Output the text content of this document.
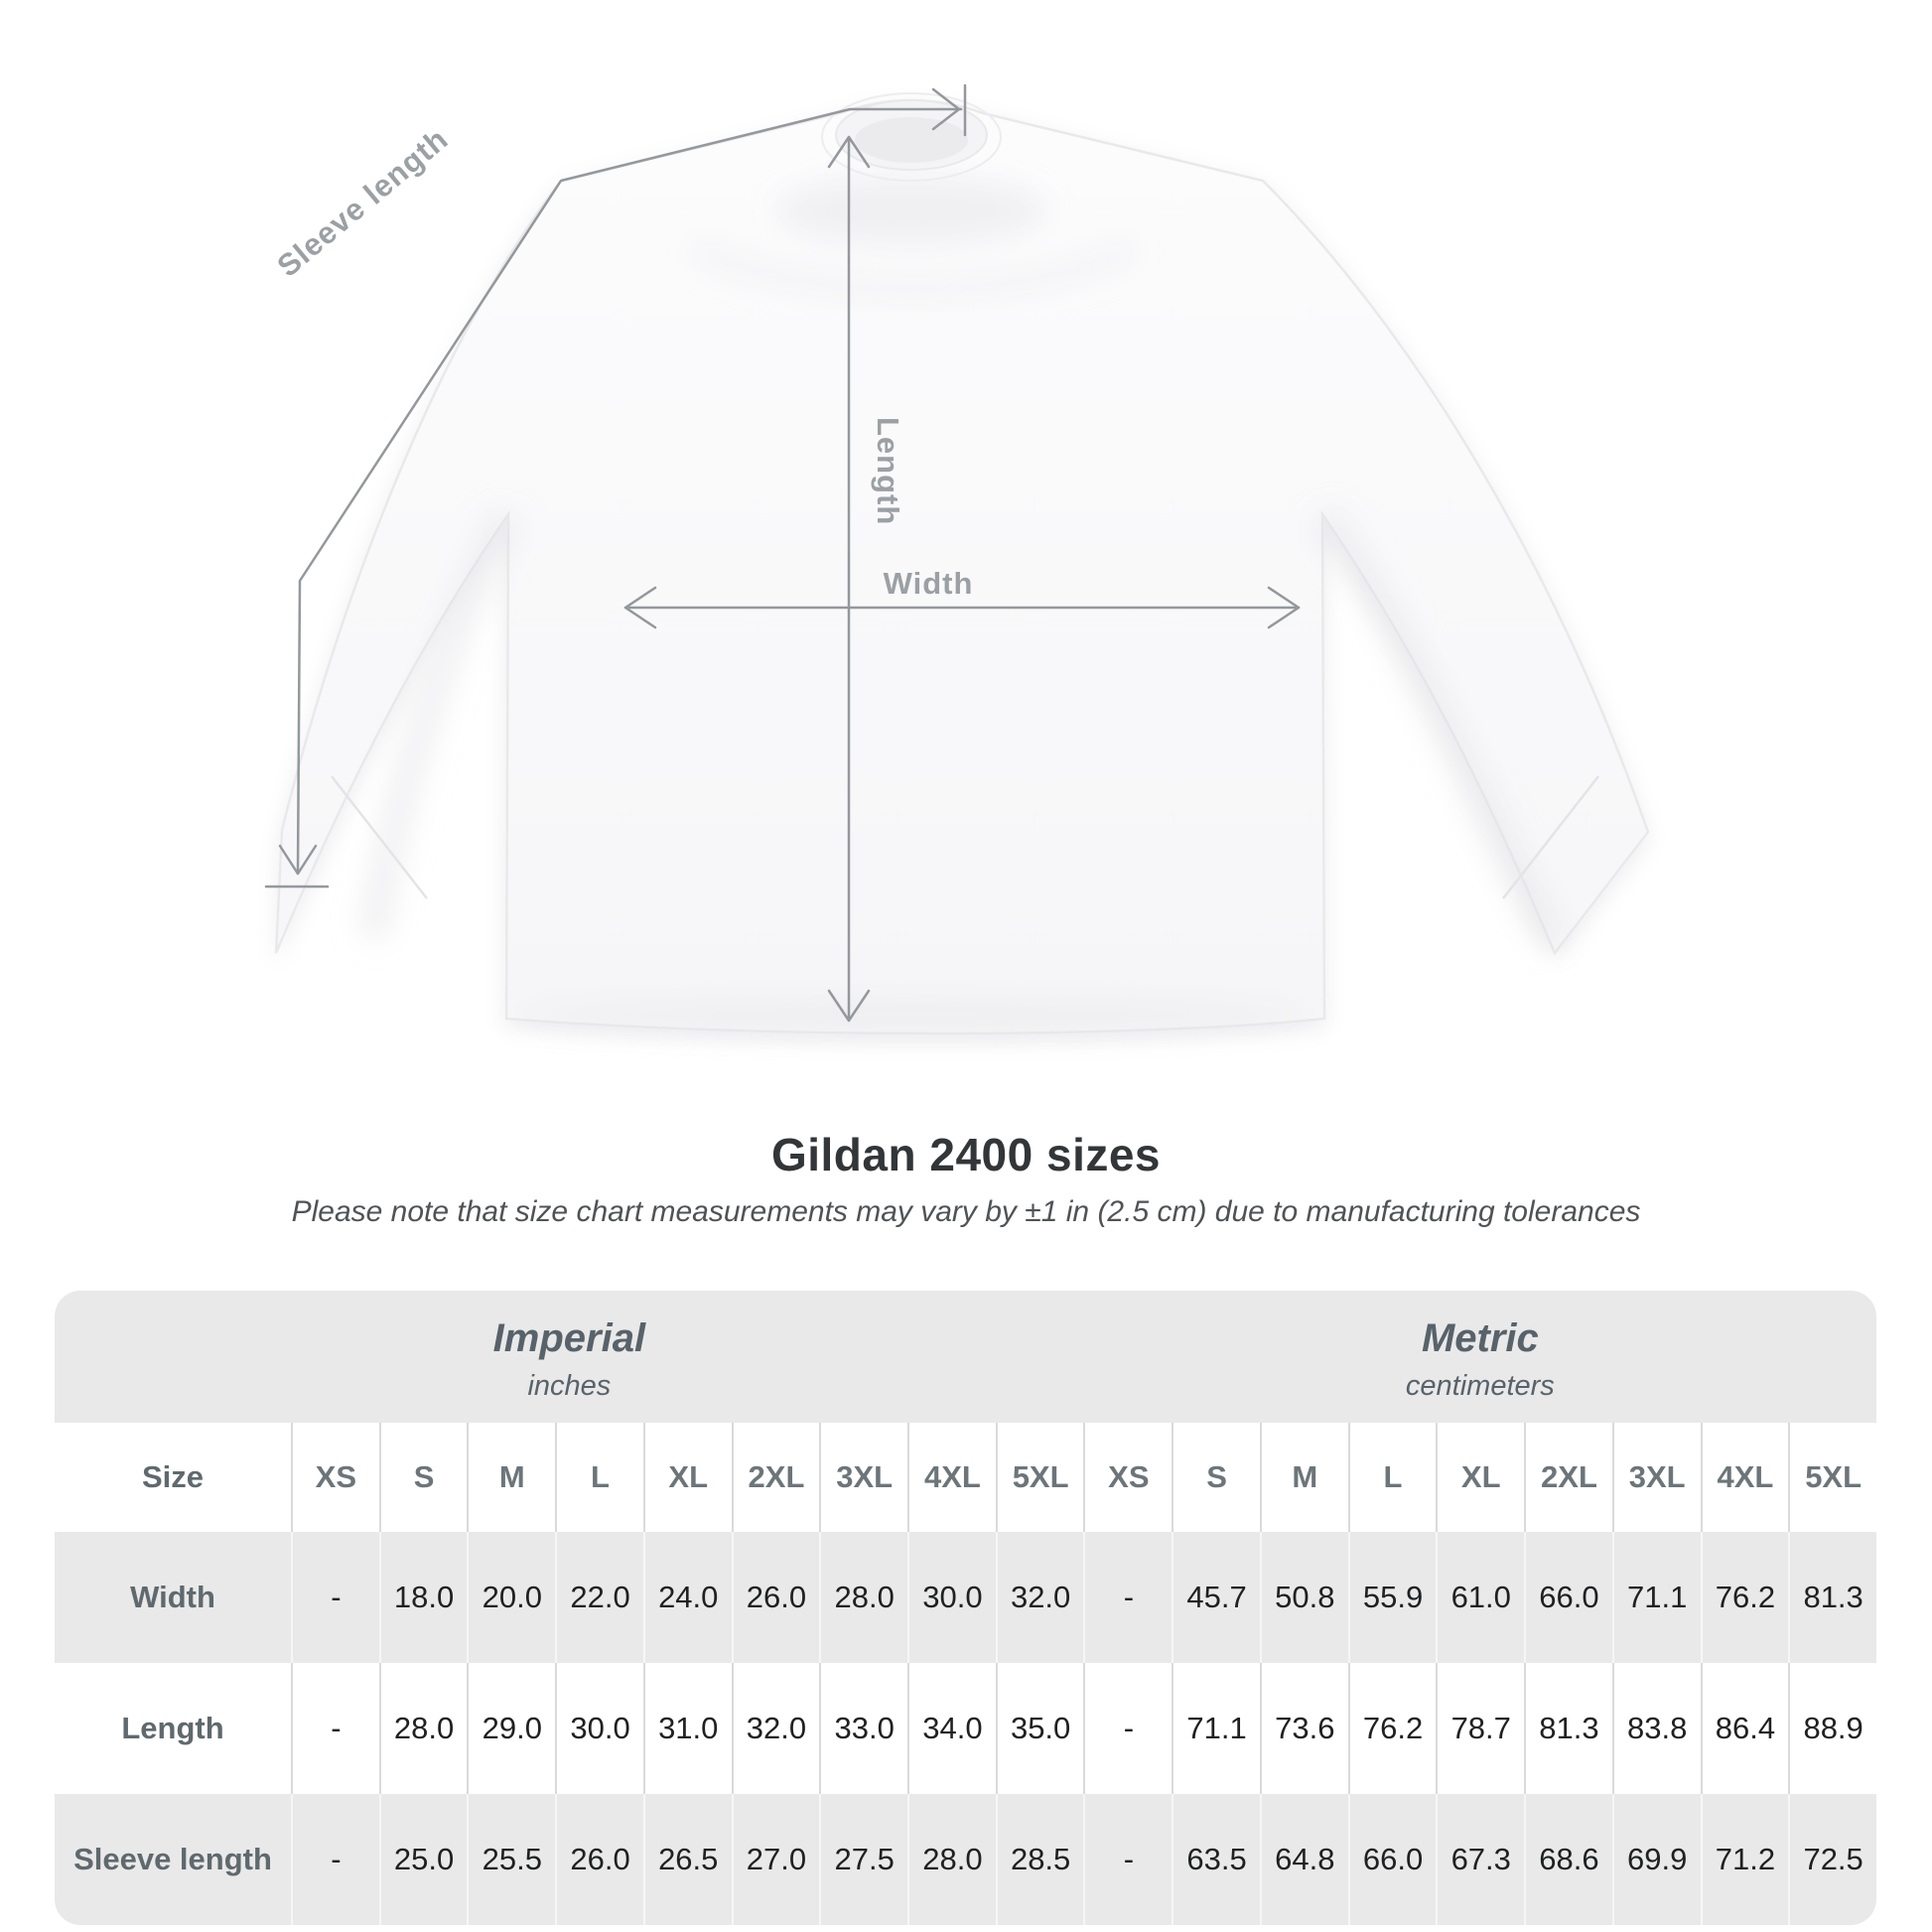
Sleeve length
Length
Width
Gildan 2400 sizes

Please note that size chart measurements may vary by ±1 in (2.5 cm) due to manufacturing tolerances

Imperial
inches
Metric
centimeters
Size	XS	S	M	L	XL	2XL	3XL	4XL	5XL	XS	S	M	L	XL	2XL	3XL	4XL	5XL
Width	-	18.0 20.0 22.0 24.0 26.0 28.0 30.0 32.0	-	45.7 50.8 55.9 61.0 66.0 71.1 76.2 81.3
Length	-	28.0 29.0 30.0 31.0 32.0 33.0 34.0 35.0	-	71.1 73.6 76.2 78.7 81.3 83.8 86.4 88.9
Sleeve length	-	25.0 25.5 26.0 26.5 27.0 27.5 28.0 28.5	-	63.5 64.8 66.0 67.3 68.6 69.9 71.2 72.5
